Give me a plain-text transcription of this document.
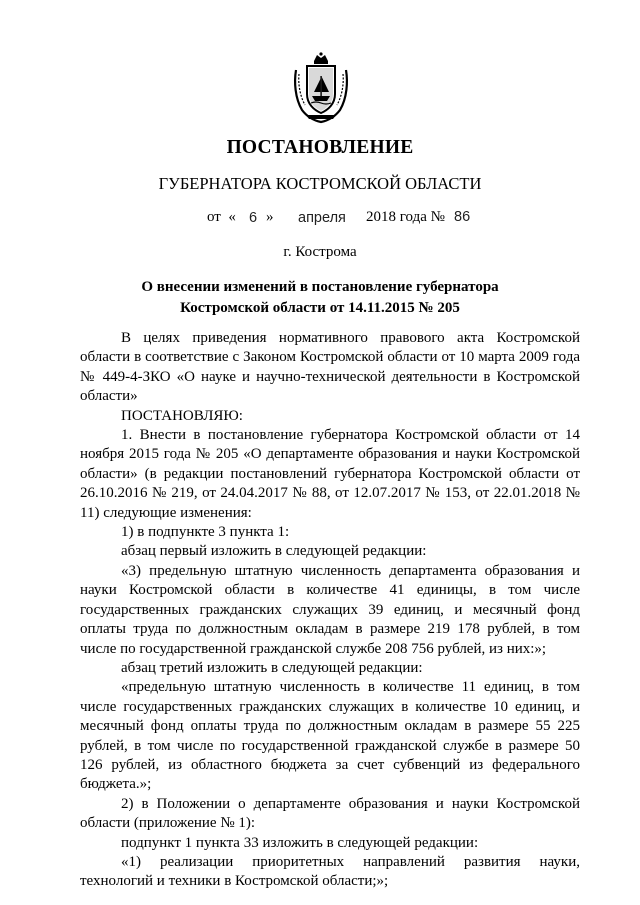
ПОСТАНОВЛЕНИЕ
ГУБЕРНАТОРА КОСТРОМСКОЙ ОБЛАСТИ
от  « 6 » апреля 2018 года № 86
г. Кострома
О внесении изменений в постановление губернатора
Костромской области от 14.11.2015 № 205

В целях приведения нормативного правового акта Костромской области в соответствие с Законом Костромской области от 10 марта 2009 года № 449-4-ЗКО «О науке и научно-технической деятельности в Костромской области»

ПОСТАНОВЛЯЮ:

1. Внести в постановление губернатора Костромской области от 14 ноября 2015 года № 205 «О департаменте образования и науки Костромской области» (в редакции постановлений губернатора Костромской области от 26.10.2016 № 219, от 24.04.2017 № 88, от 12.07.2017 № 153, от 22.01.2018 № 11) следующие изменения:

1) в подпункте 3 пункта 1:

абзац первый изложить в следующей редакции:

«3) предельную штатную численность департамента образования и науки Костромской области в количестве 41 единицы, в том числе государственных гражданских служащих 39 единиц, и месячный фонд оплаты труда по должностным окладам в размере 219 178 рублей, в том числе по государственной гражданской службе 208 756 рублей, из них:»;

абзац третий изложить в следующей редакции:

«предельную штатную численность в количестве 11 единиц, в том числе государственных гражданских служащих в количестве 10 единиц, и месячный фонд оплаты труда по должностным окладам в размере 55 225 рублей, в том числе по государственной гражданской службе в размере 50 126 рублей, из областного бюджета за счет субвенций из федерального бюджета.»;

2) в Положении о департаменте образования и науки Костромской области (приложение № 1):

подпункт 1 пункта 33 изложить в следующей редакции:

«1) реализации приоритетных направлений развития науки, технологий и техники в Костромской области;»;
